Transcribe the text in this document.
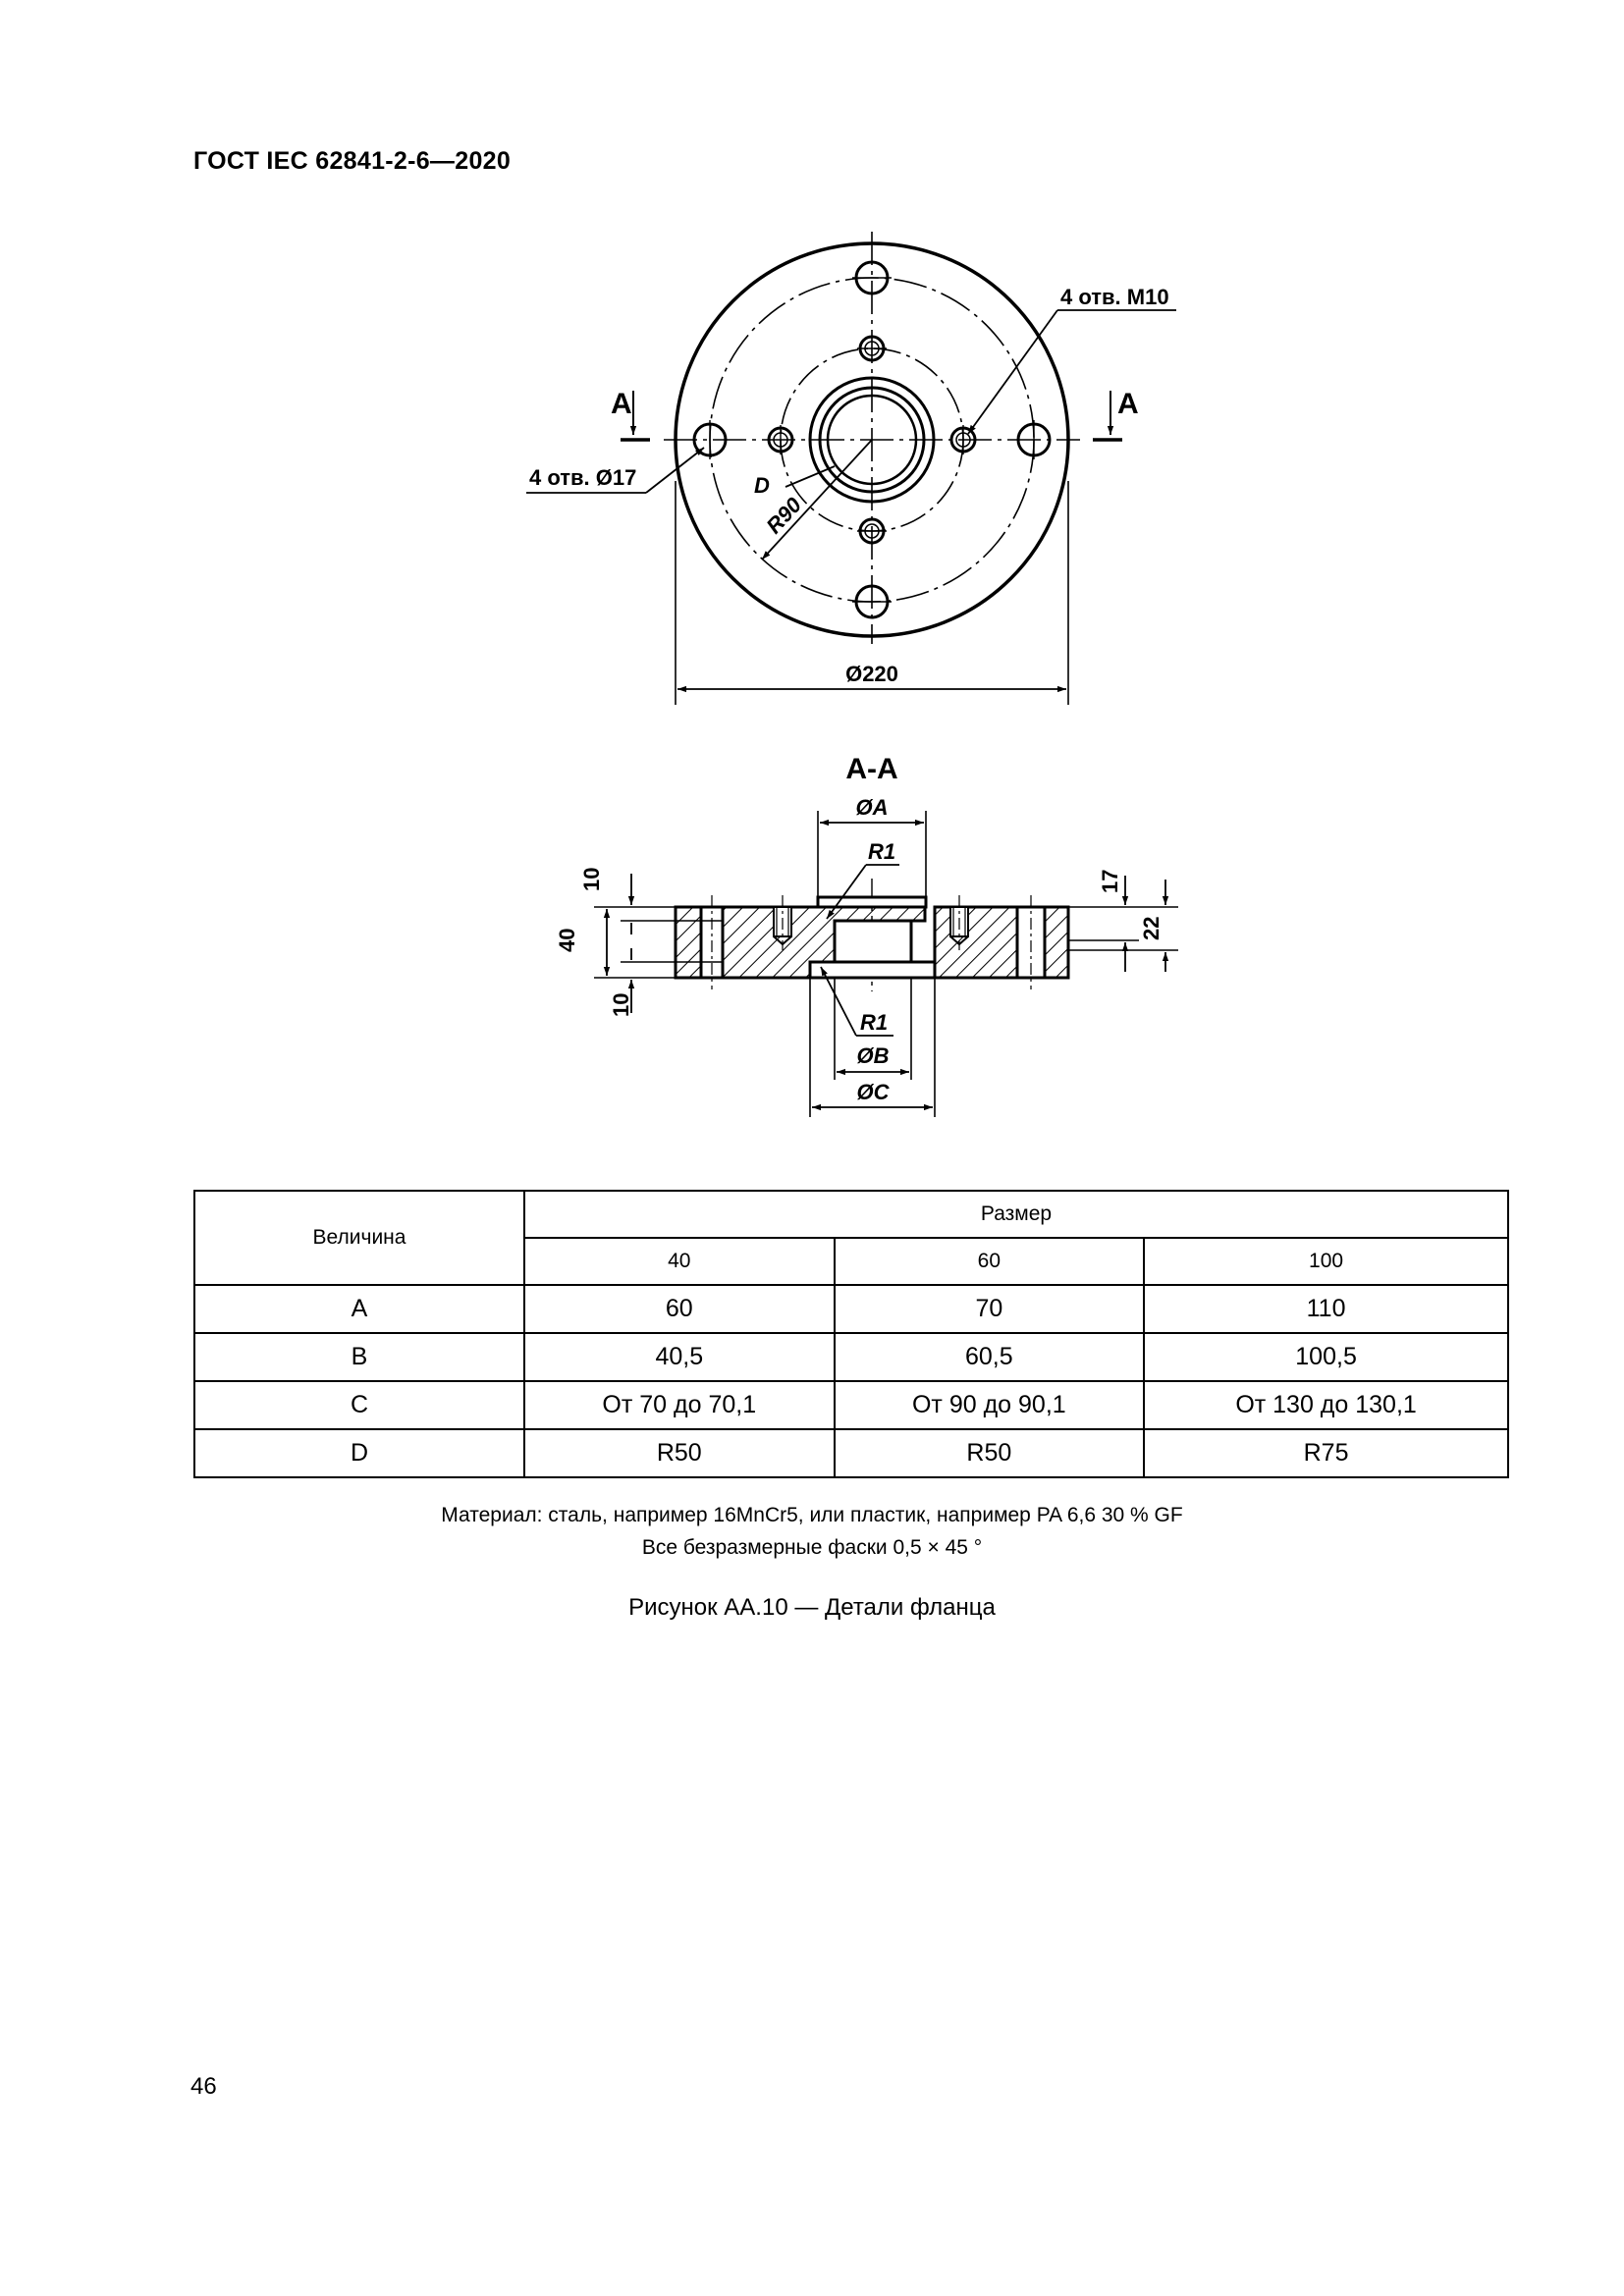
ГОСТ IEC 62841-2-6—2020
A	A
4 отв. M10
4 отв. Ø17	D
R90
Ø220
A-A
ØA
R1
R1
ØB
ØC
10
40
10
17
22
Величина	Размер		
	40	60	100
A	60	70	110
B	40,5	60,5	100,5
C	От 70 до 70,1	От 90 до 90,1	От 130 до 130,1
D	R50	R50	R75
Материал: сталь, например 16MnCr5, или пластик, например PA 6,6 30 % GF
Все безразмерные фаски 0,5 × 45 °
Рисунок АА.10 — Детали фланца
46
